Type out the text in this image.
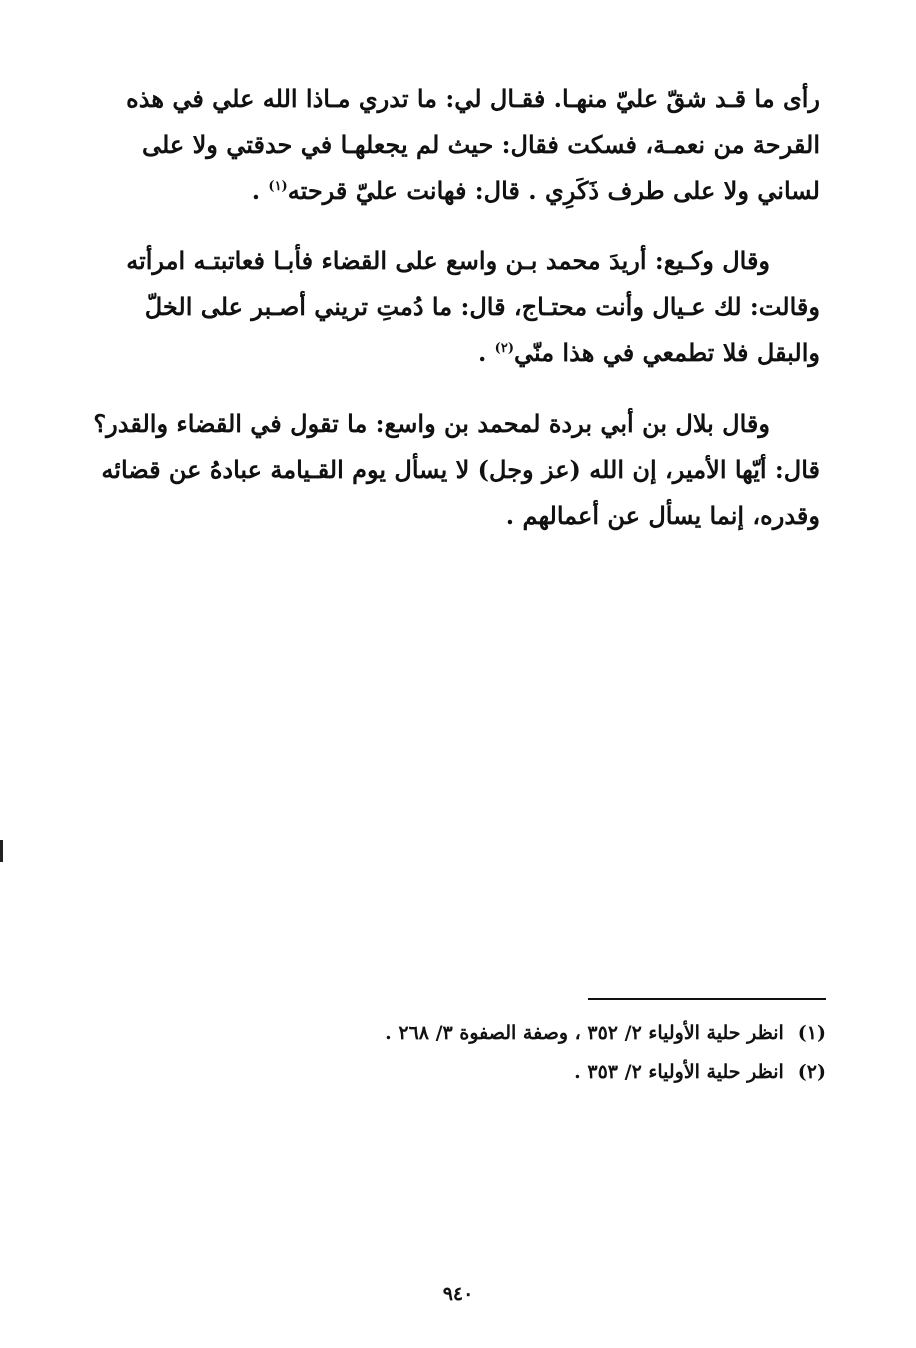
رأى ما قـد شقّ عليّ منهـا. فقـال لي: ما تدري مـاذا الله علي في هذه
القرحة من نعمـة، فسكت فقال: حيث لم يجعلهـا في حدقتي ولا على
لساني ولا على طرف ذَكَرِي . قال: فهانت عليّ قرحته$^{(١)}$ .
وقال وكـيع: أريدَ محمد بـن واسع على القضاء فأبـا فعاتبتـه امرأته
وقالت: لك عـيال وأنت محتـاج، قال: ما دُمتِ تريني أصـبر على الخلّ
والبقل فلا تطمعي في هذا منّي$^{(٢)}$ .
وقال بلال بن أبي بردة لمحمد بن واسع: ما تقول في القضاء والقدر؟
قال: أيّها الأمير، إن الله (عز وجل) لا يسأل يوم القـيامة عبادهُ عن قضائه
وقدره، إنما يسأل عن أعمالهم .
(١)انظر حلية الأولياء ٢/ ٣٥٢ ، وصفة الصفوة ٣/ ٢٦٨ .
(٢)انظر حلية الأولياء ٢/ ٣٥٣ .
٩٤٠
